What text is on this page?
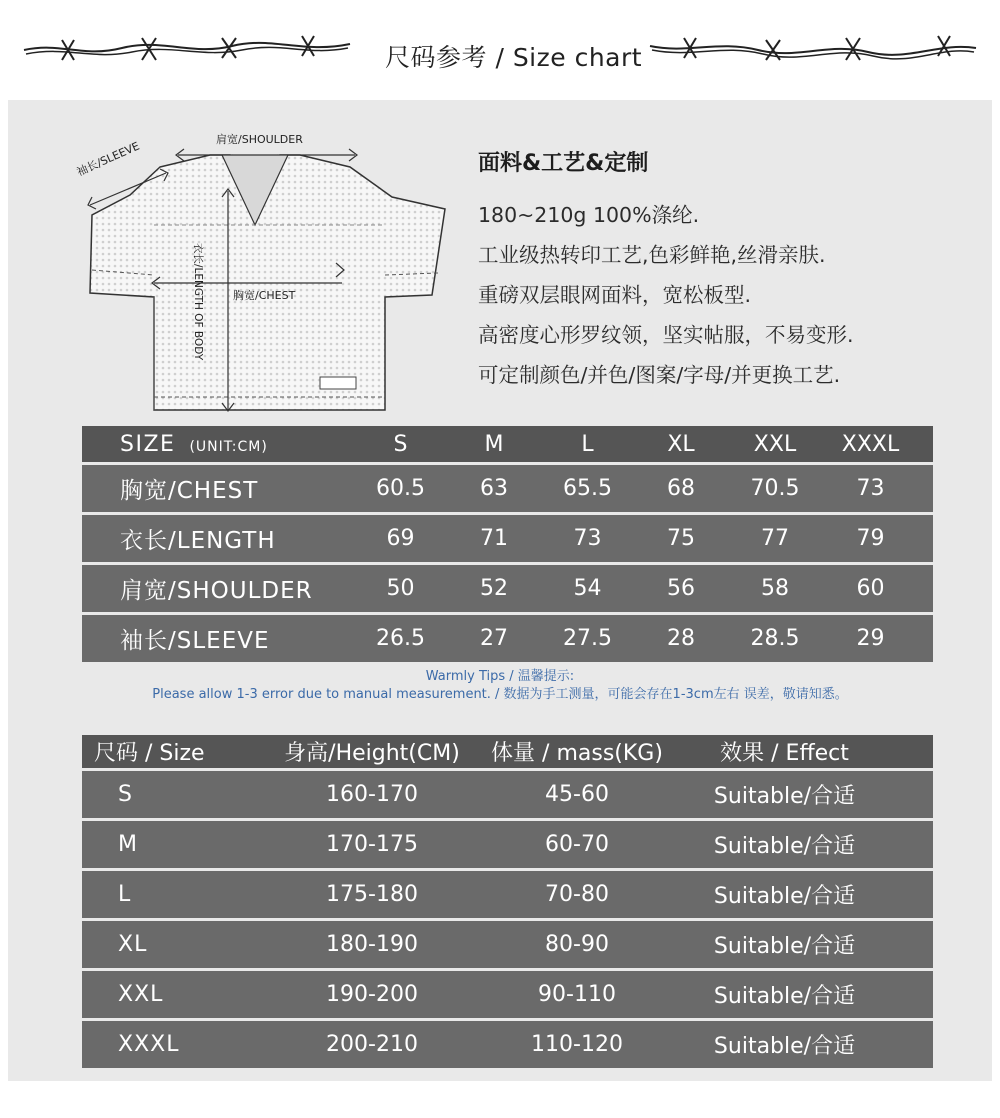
尺码参考 / Size chart
肩宽/SHOULDER
袖长/SLEEVE
衣长/LENGTH OF BODY	胸宽/CHEST
面料&工艺&定制
180~210g 100%涤纶.
工业级热转印工艺,色彩鲜艳,丝滑亲肤.
重磅双层眼网面料，宽松板型.
高密度心形罗纹领，坚实帖服，不易变形.
可定制颜色/并色/图案/字母/并更换工艺.
SIZE (UNIT:CM)	S	M	L	XL	XXL	XXXL
胸宽/CHEST	60.5	63	65.5	68	70.5	73
衣长/LENGTH	69	71	73	75	77	79
肩宽/SHOULDER	50	52	54	56	58	60
袖长/SLEEVE	26.5	27	27.5	28	28.5	29
Warmly Tips / 温馨提示:
Please allow 1-3 error due to manual measurement. / 数据为手工测量，可能会存在1-3cm左右 误差，敬请知悉。
尺码 / Size	身高/Height(CM)	体量 / mass(KG)	效果 / Effect
S	160-170	45-60	Suitable/合适
M	170-175	60-70	Suitable/合适
L	175-180	70-80	Suitable/合适
XL	180-190	80-90	Suitable/合适
XXL	190-200	90-110	Suitable/合适
XXXL	200-210	110-120	Suitable/合适
